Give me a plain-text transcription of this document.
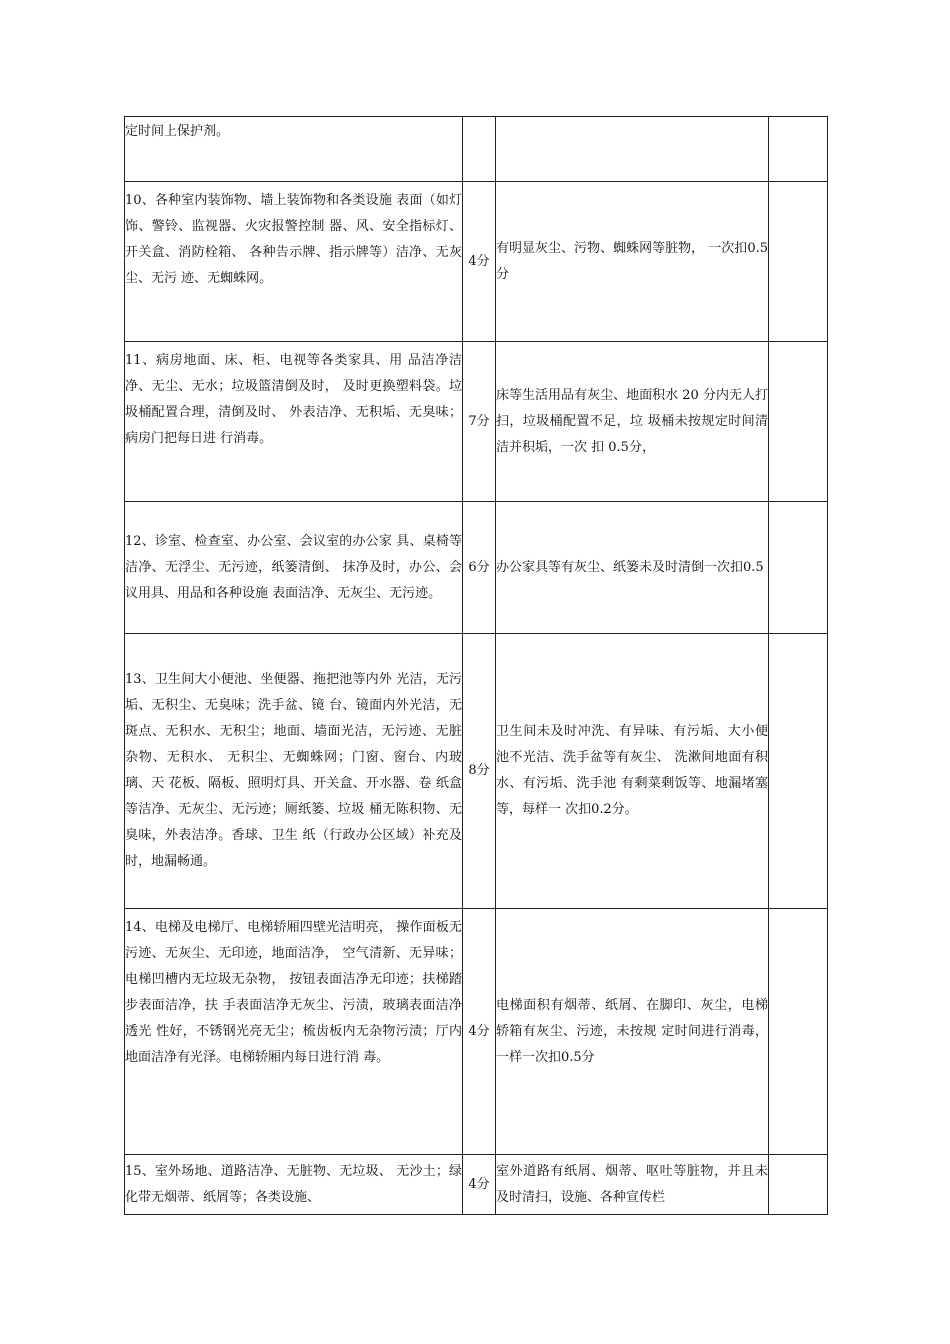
定时间上保护剂。			

10、各种室内装饰物、墙上装饰物和各类设施 表面（如灯饰、警铃、监视器、火灾报警控制 器、风、安全指标灯、开关盒、消防栓箱、 各种告示牌、指示牌等）洁净、无灰尘、无污 迹、无蜘蛛网。	4分	有明显灰尘、污物、蜘蛛网等脏物， 一次扣0.5分	

11、病房地面、床、柜、电视等各类家具、用 品洁净洁净、无尘、无水；垃圾篮清倒及时， 及时更换塑料袋。垃圾桶配置合理，清倒及时、 外表洁净、无积垢、无臭味；病房门把每日进 行消毒。	7分	床等生活用品有灰尘、地面积水 20 分内无人打扫，垃圾桶配置不足，垃 圾桶未按规定时间清洁并积垢，一次 扣 0.5分，	

12、诊室、检查室、办公室、会议室的办公家 具、桌椅等洁净、无浮尘、无污迹，纸篓清倒、 抹净及时，办公、会议用具、用品和各种设施 表面洁净、无灰尘、无污迹。	6分	办公家具等有灰尘、纸篓未及时清倒一次扣0.5	

13、卫生间大小便池、坐便器、拖把池等内外 光洁，无污垢、无积尘、无臭味；洗手盆、镜 台、镜面内外光洁，无斑点、无积水、无积尘；地面、墙面光洁，无污迹、无脏杂物、无积水、 无积尘、无蜘蛛网；门窗、窗台、内玻璃、天 花板、隔板、照明灯具、开关盒、开水器、卷 纸盒等洁净、无灰尘、无污迹；厕纸篓、垃圾 桶无陈积物、无臭味，外表洁净。香球、卫生 纸（行政办公区域）补充及时，地漏畅通。	8分	卫生间未及时冲洗、有异味、有污垢、大小便池不光洁、洗手盆等有灰尘、 洗漱间地面有积水、有污垢、洗手池 有剩菜剩饭等、地漏堵塞等，每样一 次扣0.2分。	

14、电梯及电梯厅、电梯轿厢四壁光洁明亮， 操作面板无污迹、无灰尘、无印迹，地面洁净， 空气清新、无异味；电梯凹槽内无垃圾无杂物， 按钮表面洁净无印迹；扶梯踏步表面洁净，扶 手表面洁净无灰尘、污渍，玻璃表面洁净透光 性好，不锈钢光亮无尘；梳齿板内无杂物污渍；厅内地面洁净有光泽。电梯轿厢内每日进行消 毒。	4分	电梯面积有烟蒂、纸屑、在脚印、灰尘，电梯轿箱有灰尘、污迹，未按规 定时间进行消毒，一样一次扣0.5分	

15、室外场地、道路洁净、无脏物、无垃圾、 无沙土；绿化带无烟蒂、纸屑等；各类设施、	4分	室外道路有纸屑、烟蒂、呕吐等脏物，并且未及时清扫，设施、各种宣传栏	
